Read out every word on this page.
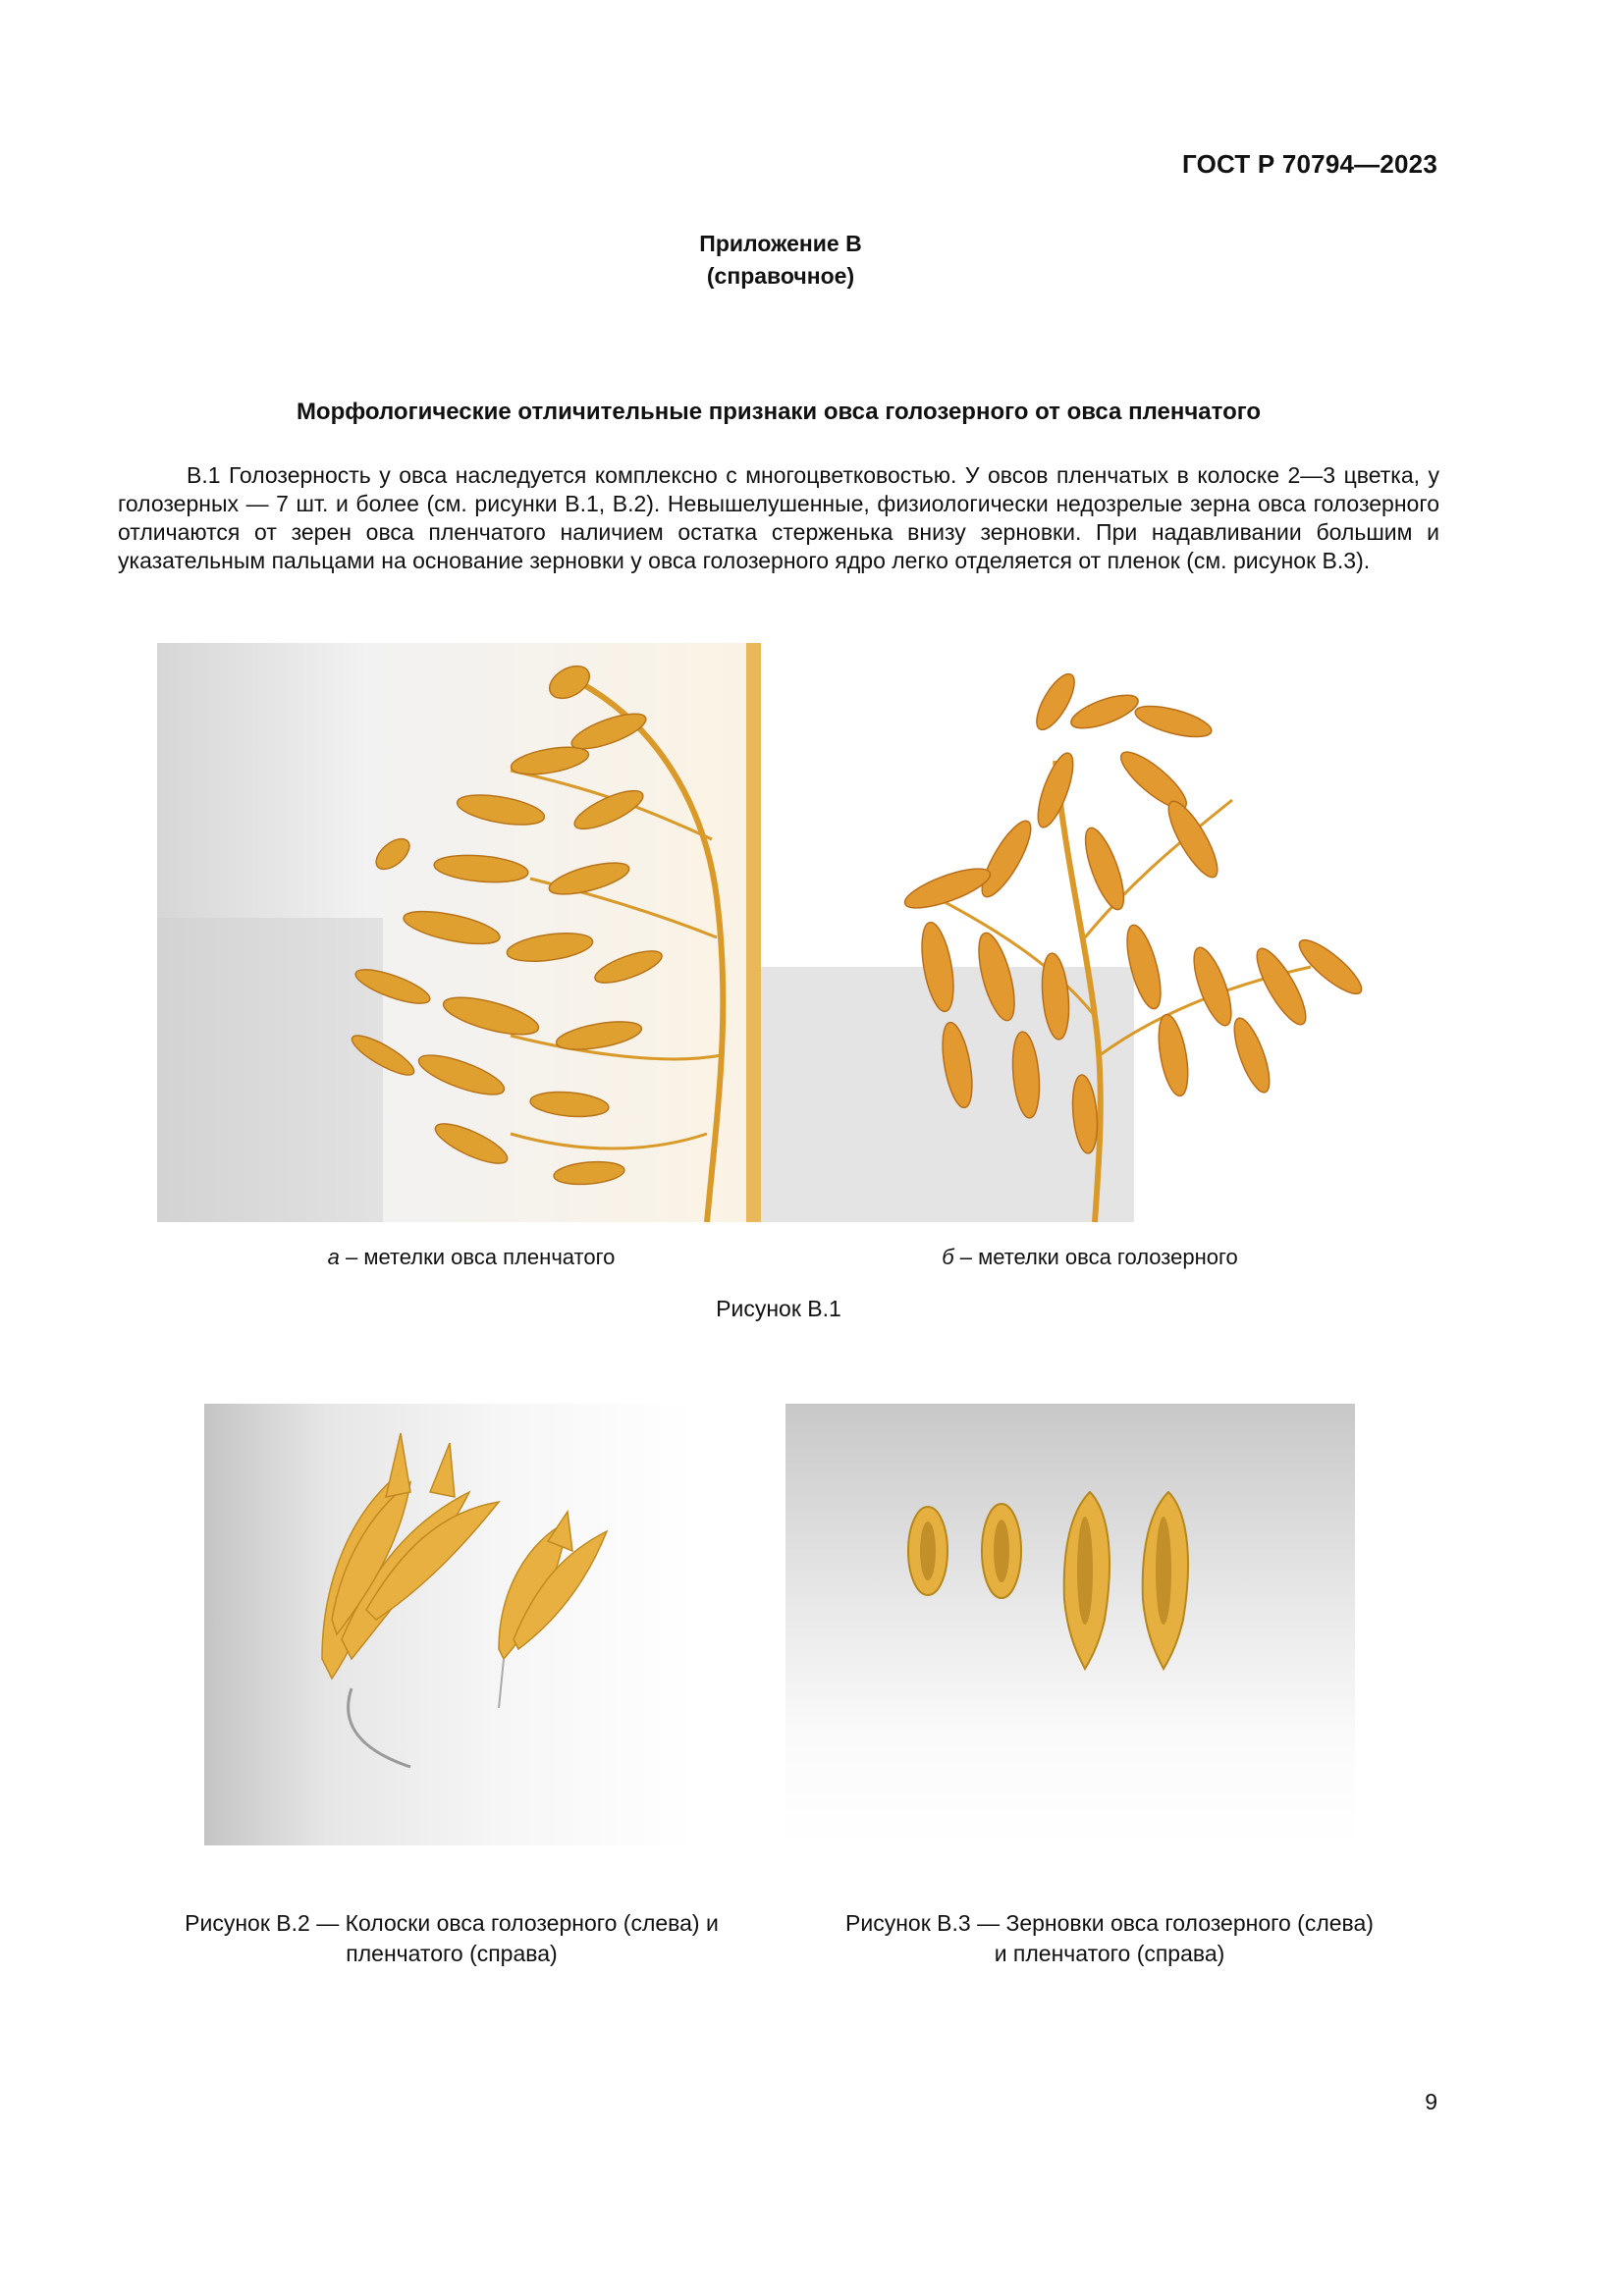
ГОСТ Р 70794—2023
Приложение В
(справочное)
Морфологические отличительные признаки овса голозерного от овса пленчатого
В.1 Голозерность у овса наследуется комплексно с многоцветковостью. У овсов пленчатых в колоске 2—3 цветка, у голозерных — 7 шт. и более (см. рисунки В.1, В.2). Невышелушенные, физиологически недозрелые зерна овса голозерного отличаются от зерен овса пленчатого наличием остатка стерженька внизу зерновки. При надавливании большим и указательным пальцами на основание зерновки у овса голозерного ядро легко отделяется от пленок (см. рисунок В.3).
а – метелки овса пленчатого	б – метелки овса голозерного
Рисунок В.1
Рисунок В.2 — Колоски овса голозерного (слева) и
пленчатого (справа)
Рисунок В.3 — Зерновки овса голозерного (слева)
и пленчатого (справа)
9
